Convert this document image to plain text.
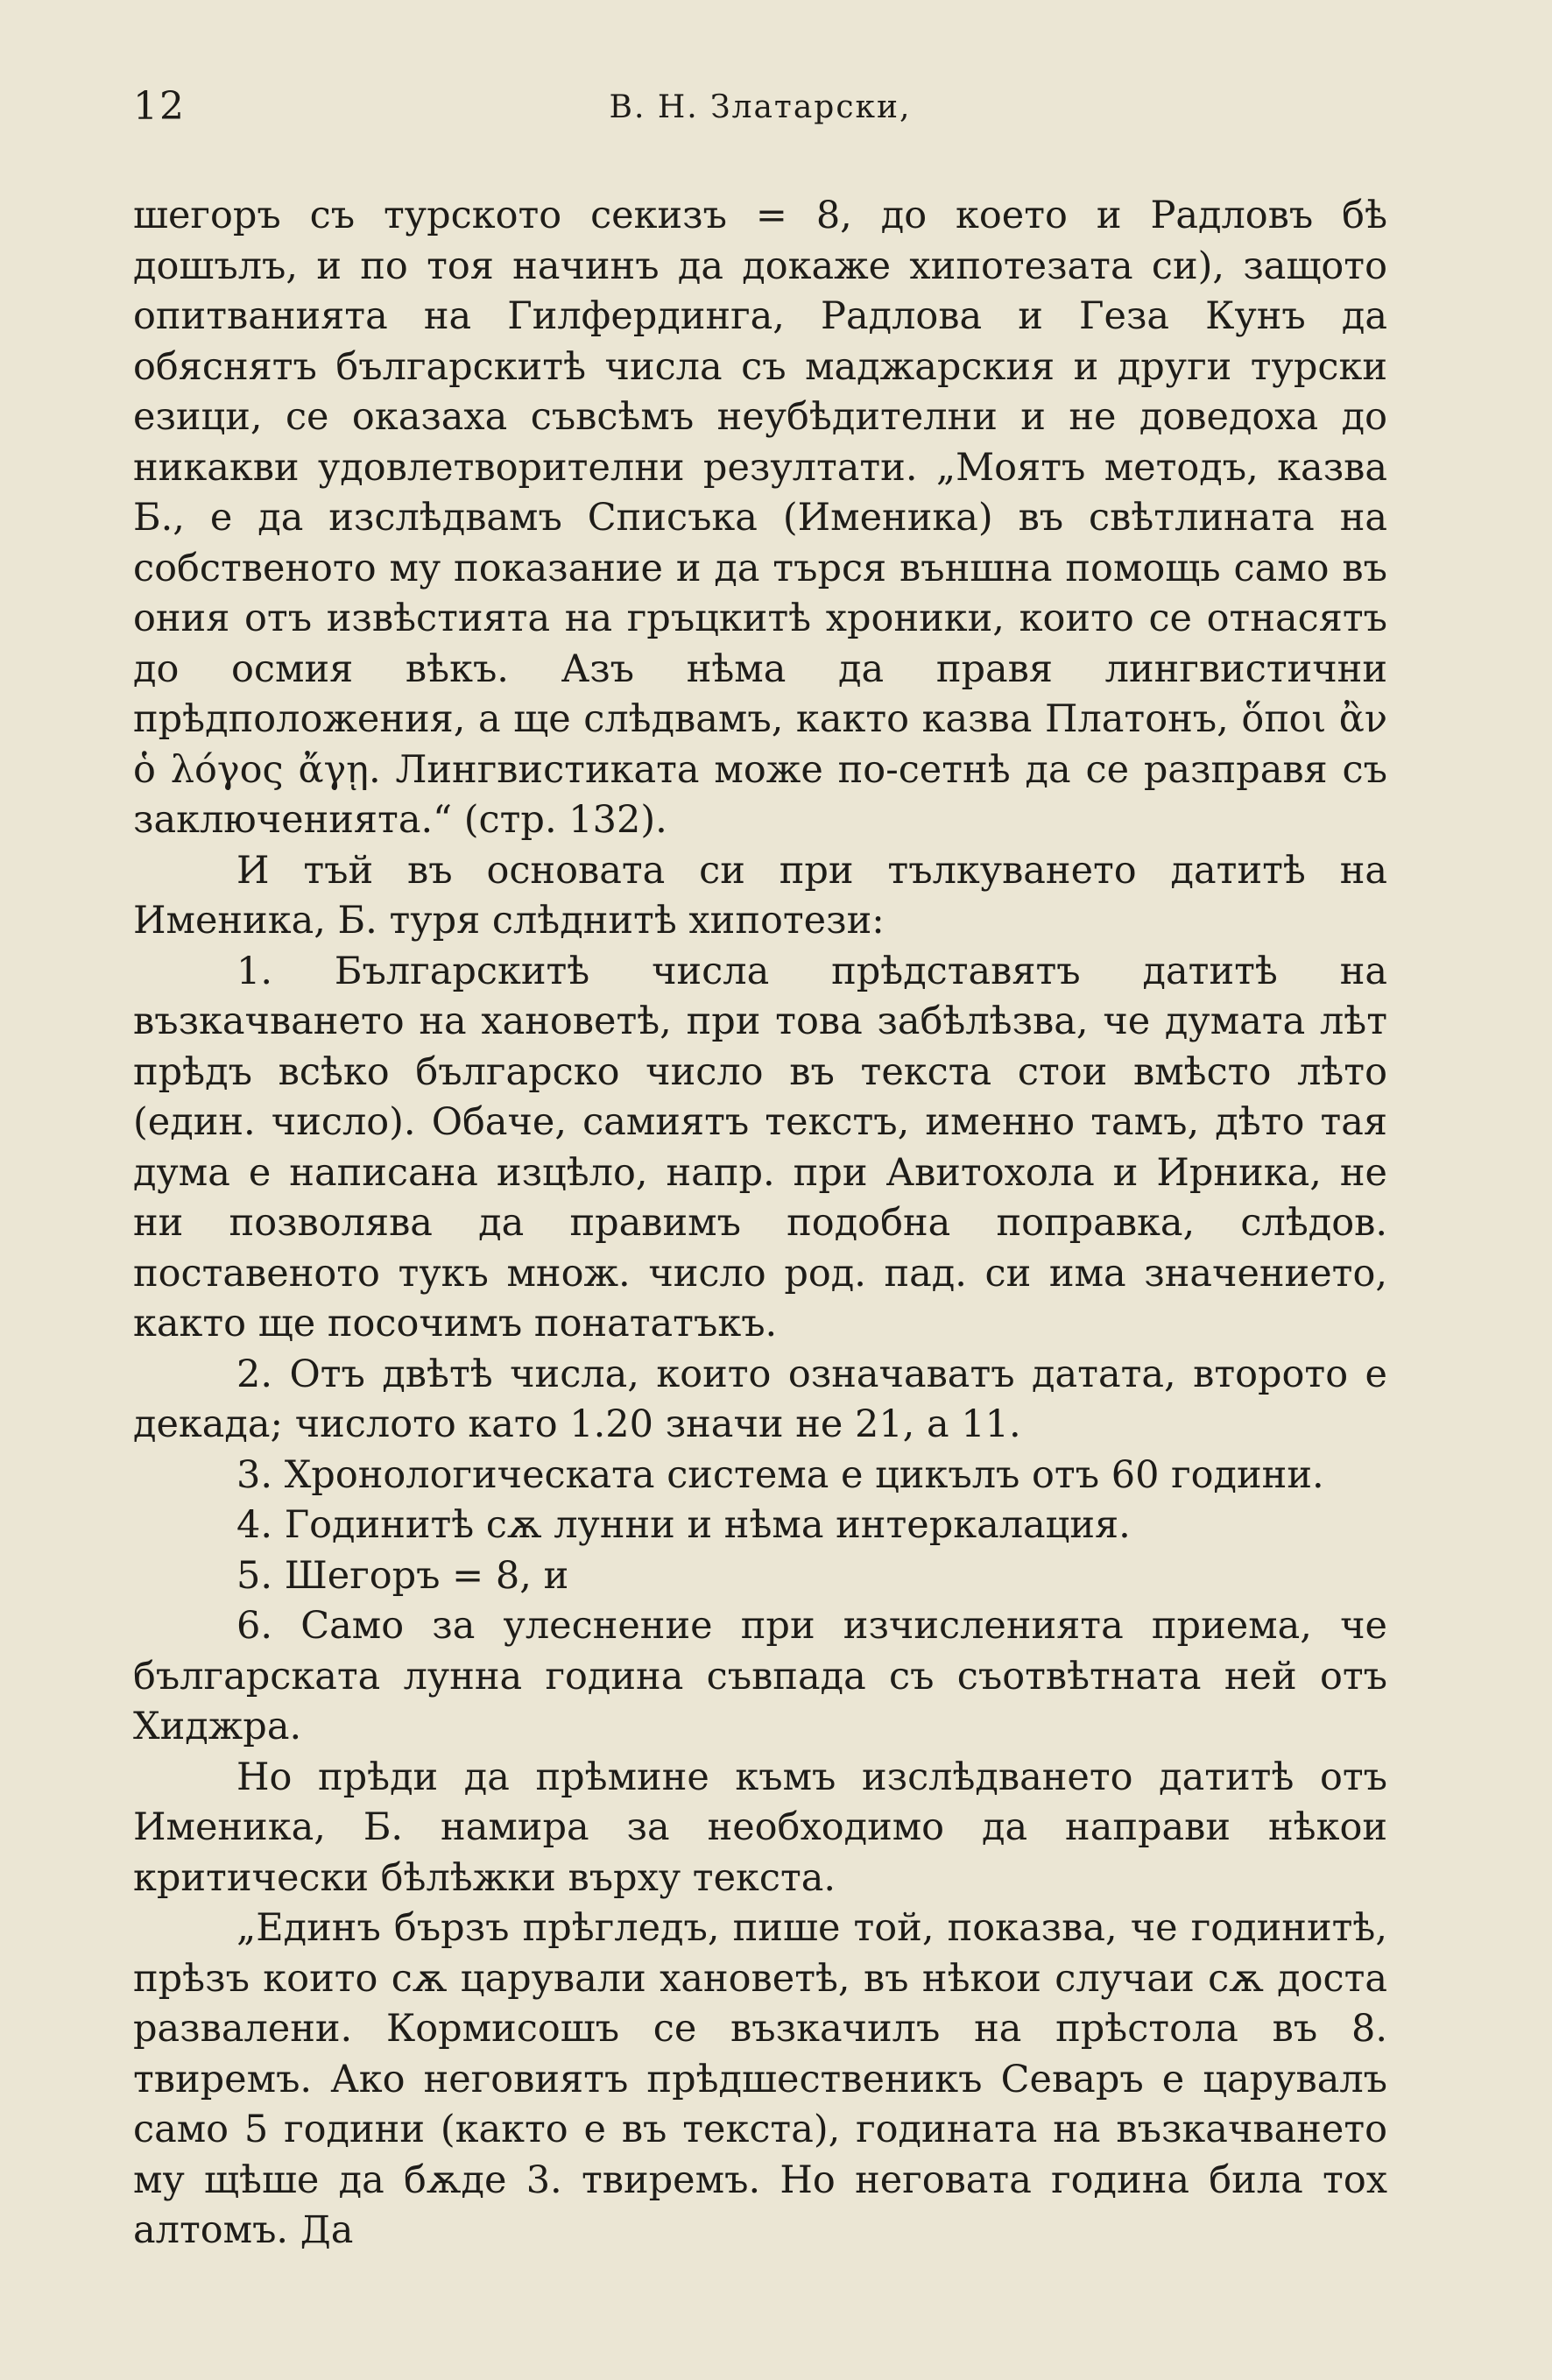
12	В. Н. Златарски,

шегоръ съ турското секизъ = 8, до което и Радловъ бѣ дошълъ, и по тоя начинъ да докаже хипотезата си), защото опитванията на Гилфердинга, Радлова и Геза Кунъ да обяснятъ българскитѣ числа съ маджарския и други турски езици, се оказаха съвсѣмъ неубѣдителни и не доведоха до никакви удовлетворителни резултати. „Моятъ методъ, казва Б., е да изслѣдвамъ Списъка (Именика) въ свѣтлината на собственото му показание и да търся външна помощь само въ ония отъ извѣстията на гръцкитѣ хроники, които се отнасятъ до осмия вѣкъ. Азъ нѣма да правя лингвистични прѣдположения, а ще слѣдвамъ, както казва Платонъ, ὅποι ἂν ὁ λόγος ἄγῃ. Лингвистиката може по-сетнѣ да се разправя съ заключенията.“ (стр. 132).

И тъй въ основата си при тълкуването датитѣ на Именика, Б. туря слѣднитѣ хипотези:

1. Българскитѣ числа прѣдставятъ датитѣ на възкачването на хановетѣ, при това забѣлѣзва, че думата лѣт прѣдъ всѣко българско число въ текста стои вмѣсто лѣто (един. число). Обаче, самиятъ текстъ, именно тамъ, дѣто тая дума е написана изцѣло, напр. при Авитохола и Ирника, не ни позволява да правимъ подобна поправка, слѣдов. поставеното тукъ множ. число род. пад. си има значението, както ще посочимъ понататъкъ.

2. Отъ двѣтѣ числа, които означаватъ датата, второто е декада; числото като 1.20 значи не 21, а 11.

3. Хронологическата система е цикълъ отъ 60 години.

4. Годинитѣ сѫ лунни и нѣма интеркалация.

5. Шегоръ = 8, и

6. Само за улеснение при изчисленията приема, че българската лунна година съвпада съ съотвѣтната ней отъ Хиджра.

Но прѣди да прѣмине къмъ изслѣдването датитѣ отъ Именика, Б. намира за необходимо да направи нѣкои критически бѣлѣжки върху текста.

„Единъ бързъ прѣгледъ, пише той, показва, че годинитѣ, прѣзъ които сѫ царували хановетѣ, въ нѣкои случаи сѫ доста развалени. Кормисошъ се възкачилъ на прѣстола въ 8. твиремъ. Ако неговиятъ прѣдшественикъ Севаръ е царувалъ само 5 години (както е въ текста), годината на възкачването му щѣше да бѫде 3. твиремъ. Но неговата година била тох алтомъ. Да
